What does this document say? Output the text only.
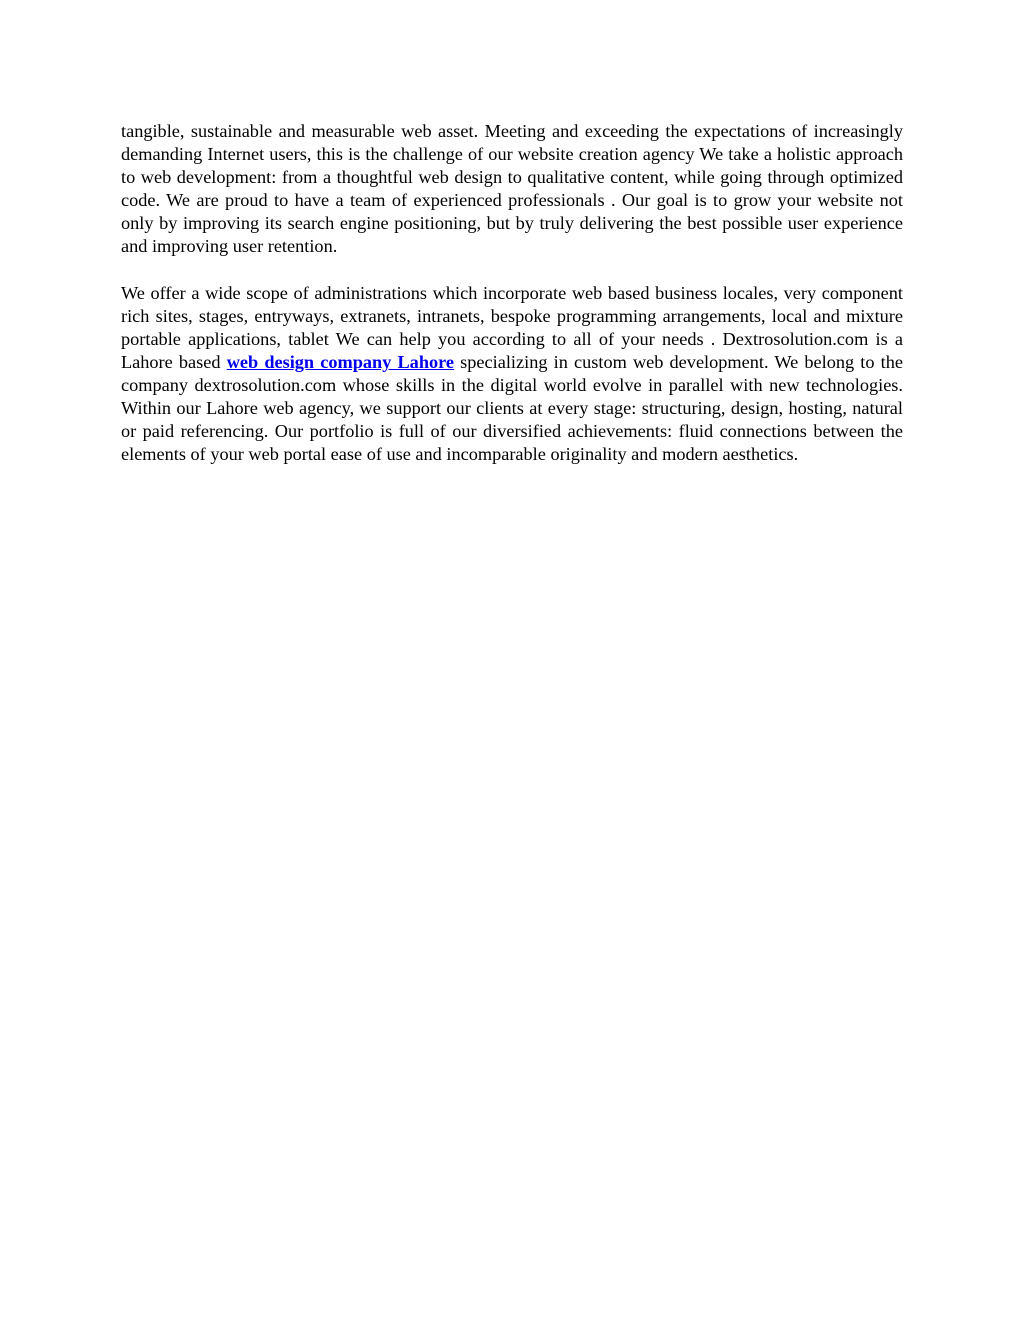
tangible, sustainable and measurable web asset. Meeting and exceeding the expectations of increasingly demanding Internet users, this is the challenge of our website creation agency We take a holistic approach to web development: from a thoughtful web design to qualitative content, while going through optimized code. We are proud to have a team of experienced professionals . Our goal is to grow your website not only by improving its search engine positioning, but by truly delivering the best possible user experience and improving user retention.

We offer a wide scope of administrations which incorporate web based business locales, very component rich sites, stages, entryways, extranets, intranets, bespoke programming arrangements, local and mixture portable applications, tablet We can help you according to all of your needs . Dextrosolution.com is a Lahore based web design company Lahore specializing in custom web development. We belong to the company dextrosolution.com whose skills in the digital world evolve in parallel with new technologies. Within our Lahore web agency, we support our clients at every stage: structuring, design, hosting, natural or paid referencing. Our portfolio is full of our diversified achievements: fluid connections between the elements of your web portal ease of use and incomparable originality and modern aesthetics.
